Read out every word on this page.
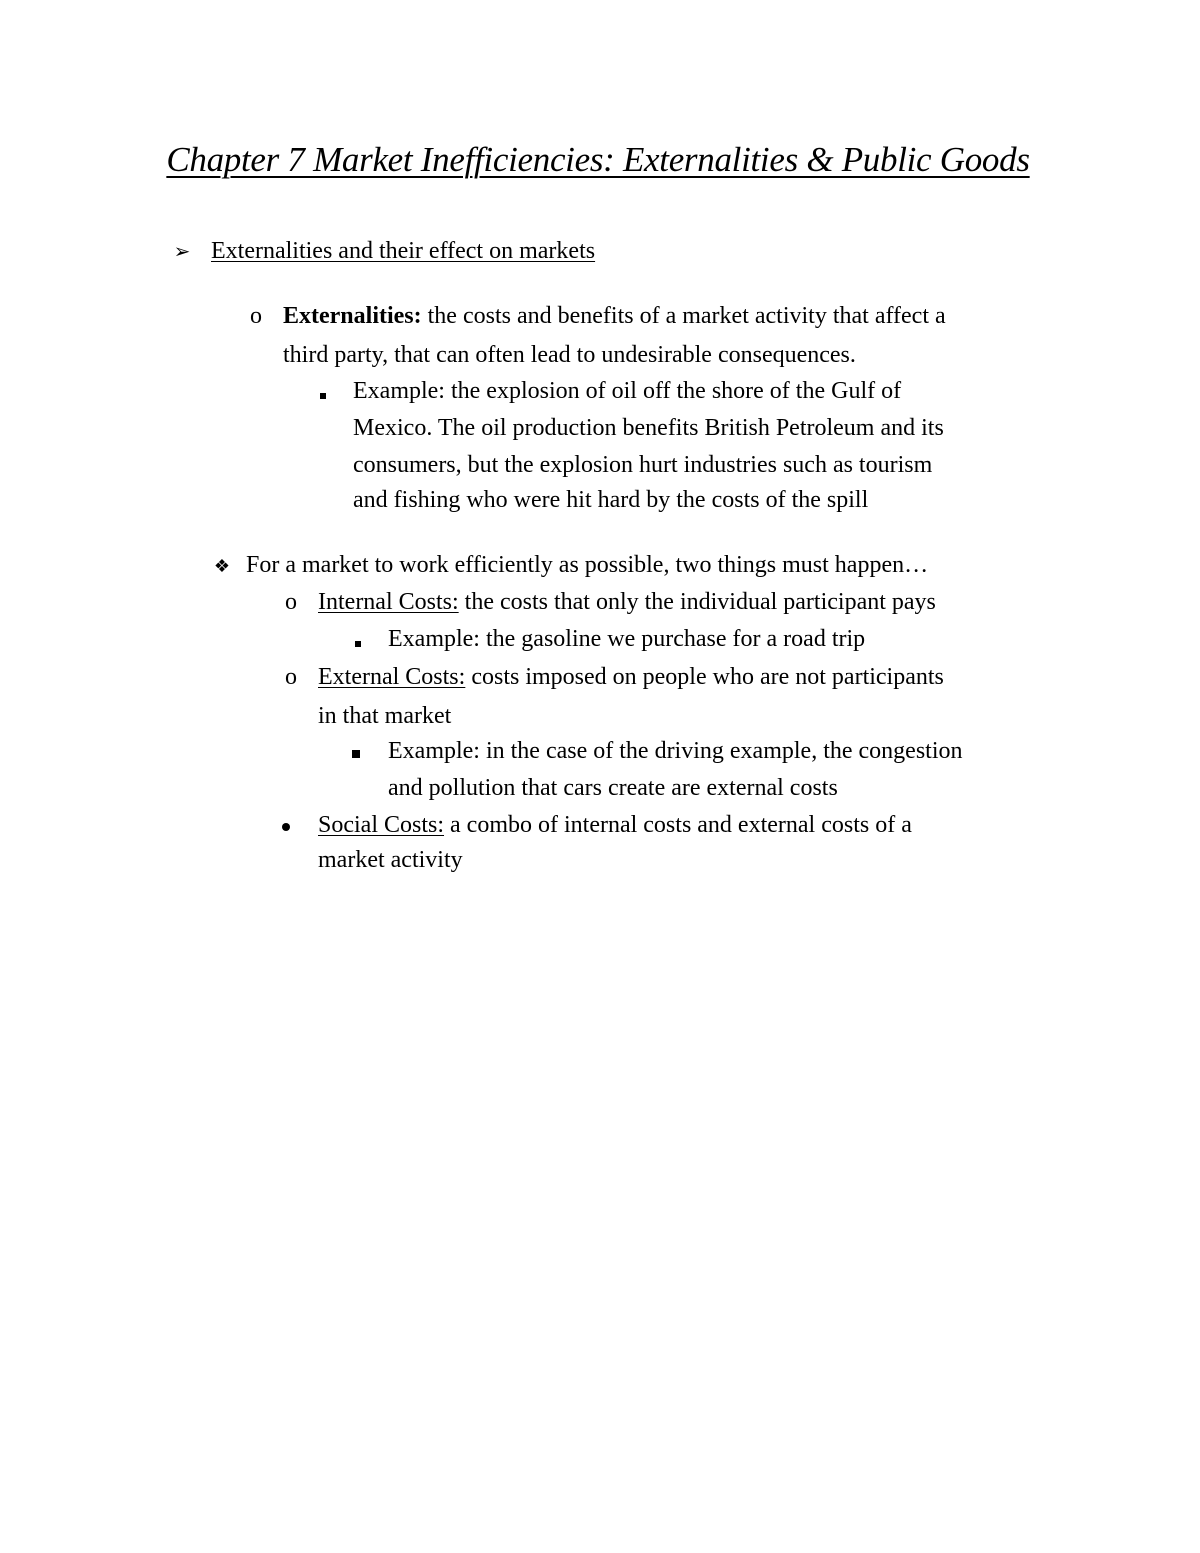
Chapter 7 Market Inefficiencies: Externalities & Public Goods
➢ Externalities and their effect on markets
o Externalities: the costs and benefits of a market activity that affect a
third party, that can often lead to undesirable consequences.
Example: the explosion of oil off the shore of the Gulf of
Mexico. The oil production benefits British Petroleum and its
consumers, but the explosion hurt industries such as tourism
and fishing who were hit hard by the costs of the spill
❖ For a market to work efficiently as possible, two things must happen…
o Internal Costs: the costs that only the individual participant pays
Example: the gasoline we purchase for a road trip
o External Costs: costs imposed on people who are not participants
in that market
Example: in the case of the driving example, the congestion
and pollution that cars create are external costs
Social Costs: a combo of internal costs and external costs of a
market activity
